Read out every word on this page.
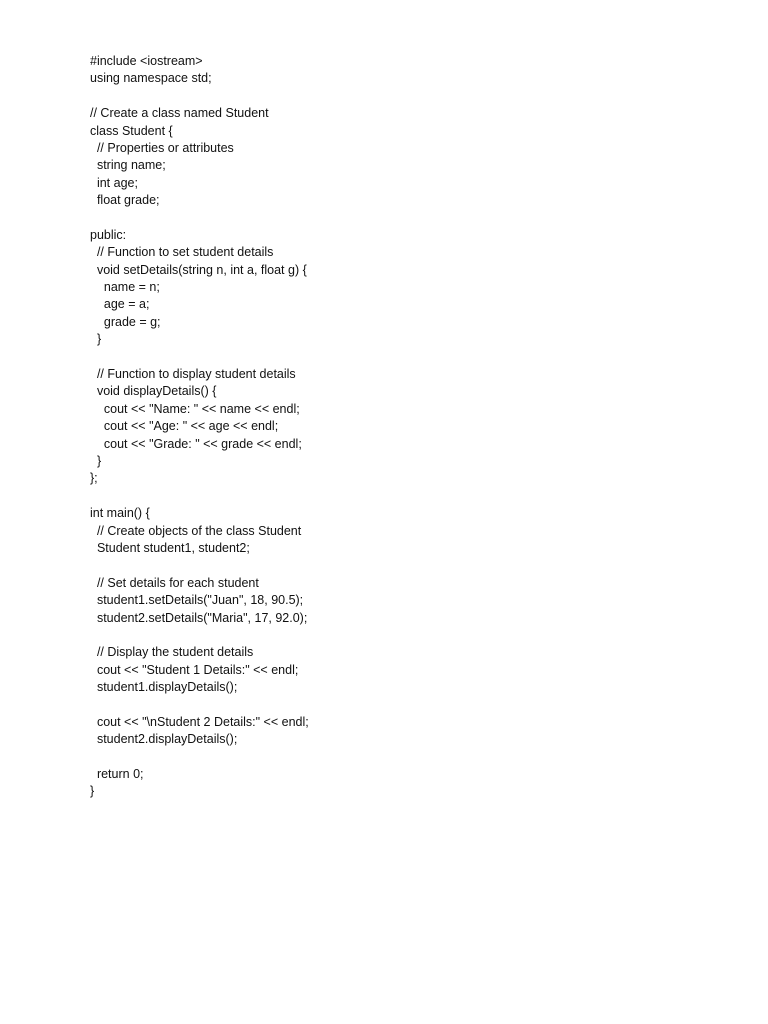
#include <iostream>
using namespace std;
// Create a class named Student
class Student {
// Properties or attributes
string name;
int age;
float grade;
public:
// Function to set student details
void setDetails(string n, int a, float g) {
name = n;
age = a;
grade = g;
}
// Function to display student details
void displayDetails() {
cout << "Name: " << name << endl;
cout << "Age: " << age << endl;
cout << "Grade: " << grade << endl;
}
};
int main() {
// Create objects of the class Student
Student student1, student2;
// Set details for each student
student1.setDetails("Juan", 18, 90.5);
student2.setDetails("Maria", 17, 92.0);
// Display the student details
cout << "Student 1 Details:" << endl;
student1.displayDetails();
cout << "\nStudent 2 Details:" << endl;
student2.displayDetails();
return 0;
}
